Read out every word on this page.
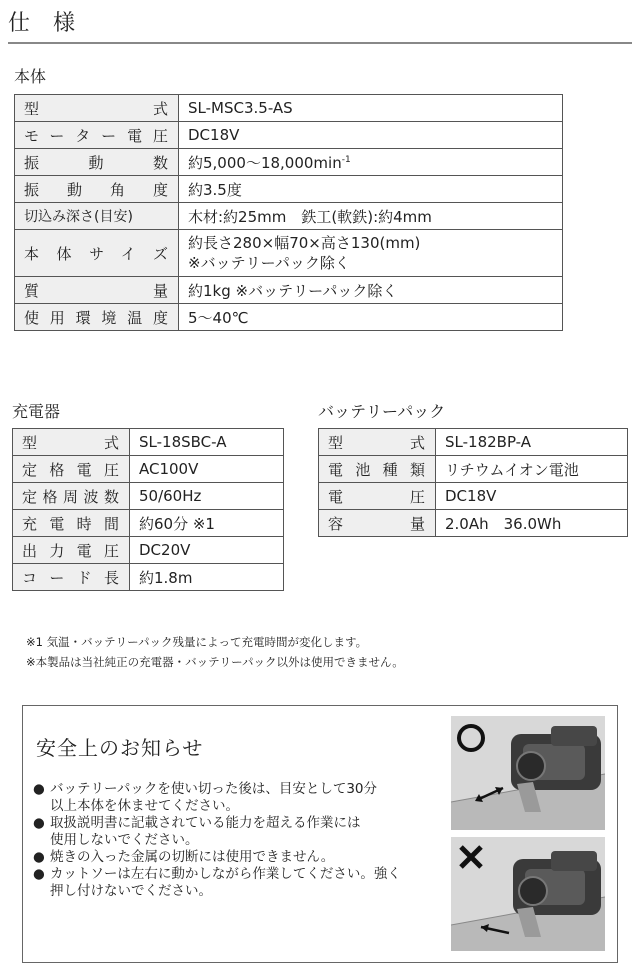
仕 様
本体
型式	SL-MSC3.5-AS
モーター電圧	DC18V
振動数	約5,000〜$18,000\min^{-1}$
振動角度	約3.5度
切込み深さ(目安)	木材:約25mm　鉄工(軟鉄):約4mm
本体サイズ	約長さ280×幅70×高さ130(mm)
※バッテリーパック除く

質量	約1kg ※バッテリーパック除く
使用環境温度	5〜40℃
充電器
型式	SL-18SBC-A
定格電圧	AC100V
定格周波数	50/60Hz
充電時間	約60分 ※1
出力電圧	DC20V
コード長	約1.8m
バッテリーパック
型式	SL-182BP-A
電池種類	リチウムイオン電池
電圧	DC18V
容量	2.0Ah　36.0Wh
※1 気温・バッテリーパック残量によって充電時間が変化します。
※本製品は当社純正の充電器・バッテリーパック以外は使用できません。
安全上のお知らせ
● バッテリーパックを使い切った後は、目安として30分
以上本体を休ませてください。
● 取扱説明書に記載されている能力を超える作業には
使用しないでください。
● 焼きの入った金属の切断には使用できません。
● カットソーは左右に動かしながら作業してください。強く
押し付けないでください。
